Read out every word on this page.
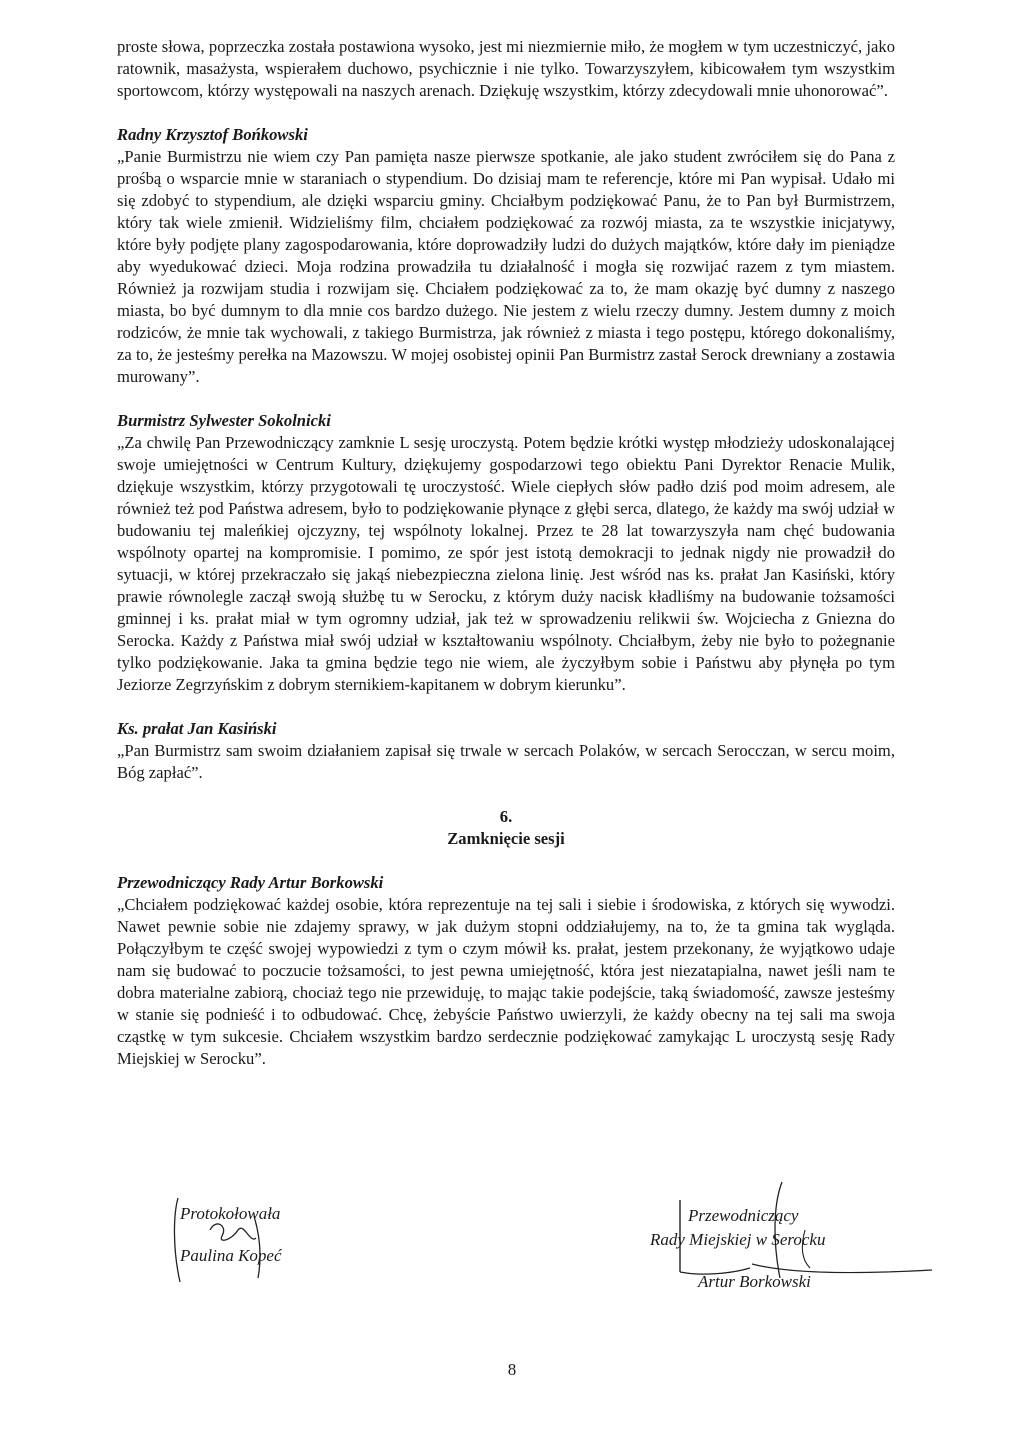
proste słowa, poprzeczka została postawiona wysoko, jest mi niezmiernie miło, że mogłem w tym uczestniczyć, jako ratownik, masażysta, wspierałem duchowo, psychicznie i nie tylko. Towarzyszyłem, kibicowałem tym wszystkim sportowcom, którzy występowali na naszych arenach. Dziękuję wszystkim, którzy zdecydowali mnie uhonorować”.

Radny Krzysztof Bońkowski

„Panie Burmistrzu nie wiem czy Pan pamięta nasze pierwsze spotkanie, ale jako student zwróciłem się do Pana z prośbą o wsparcie mnie w staraniach o stypendium. Do dzisiaj mam te referencje, które mi Pan wypisał. Udało mi się zdobyć to stypendium, ale dzięki wsparciu gminy. Chciałbym podziękować Panu, że to Pan był Burmistrzem, który tak wiele zmienił. Widzieliśmy film, chciałem podziękować za rozwój miasta, za te wszystkie inicjatywy, które były podjęte plany zagospodarowania, które doprowadziły ludzi do dużych majątków, które dały im pieniądze aby wyedukować dzieci. Moja rodzina prowadziła tu działalność i mogła się rozwijać razem z tym miastem. Również ja rozwijam studia i rozwijam się. Chciałem podziękować za to, że mam okazję być dumny z naszego miasta, bo być dumnym to dla mnie cos bardzo dużego. Nie jestem z wielu rzeczy dumny. Jestem dumny z moich rodziców, że mnie tak wychowali, z takiego Burmistrza, jak również z miasta i tego postępu, którego dokonaliśmy, za to, że jesteśmy perełka na Mazowszu. W mojej osobistej opinii Pan Burmistrz zastał Serock drewniany a zostawia murowany”.

Burmistrz Sylwester Sokolnicki

„Za chwilę Pan Przewodniczący zamknie L sesję uroczystą. Potem będzie krótki występ młodzieży udoskonalającej swoje umiejętności w Centrum Kultury, dziękujemy gospodarzowi tego obiektu Pani Dyrektor Renacie Mulik, dziękuje wszystkim, którzy przygotowali tę uroczystość. Wiele ciepłych słów padło dziś pod moim adresem, ale również też pod Państwa adresem, było to podziękowanie płynące z głębi serca, dlatego, że każdy ma swój udział w budowaniu tej maleńkiej ojczyzny, tej wspólnoty lokalnej. Przez te 28 lat towarzyszyła nam chęć budowania wspólnoty opartej na kompromisie. I pomimo, ze spór jest istotą demokracji to jednak nigdy nie prowadził do sytuacji, w której przekraczało się jakąś niebezpieczna zielona linię. Jest wśród nas ks. prałat Jan Kasiński, który prawie równolegle zaczął swoją służbę tu w Serocku, z którym duży nacisk kładliśmy na budowanie tożsamości gminnej i ks. prałat miał w tym ogromny udział, jak też w sprowadzeniu relikwii św. Wojciecha z Gniezna do Serocka. Każdy z Państwa miał swój udział w kształtowaniu wspólnoty. Chciałbym, żeby nie było to pożegnanie tylko podziękowanie. Jaka ta gmina będzie tego nie wiem, ale życzyłbym sobie i Państwu aby płynęła po tym Jeziorze Zegrzyńskim z dobrym sternikiem-kapitanem w dobrym kierunku”.

Ks. prałat Jan Kasiński

„Pan Burmistrz sam swoim działaniem zapisał się trwale w sercach Polaków, w sercach Serocczan, w sercu moim, Bóg zapłać”.

6.

Zamknięcie sesji

Przewodniczący Rady Artur Borkowski

„Chciałem podziękować każdej osobie, która reprezentuje na tej sali i siebie i środowiska, z których się wywodzi. Nawet pewnie sobie nie zdajemy sprawy, w jak dużym stopni oddziałujemy, na to, że ta gmina tak wygląda. Połączyłbym te część swojej wypowiedzi z tym o czym mówił ks. prałat, jestem przekonany, że wyjątkowo udaje nam się budować to poczucie tożsamości, to jest pewna umiejętność, która jest niezatapialna, nawet jeśli nam te dobra materialne zabiorą, chociaż tego nie przewiduję, to mając takie podejście, taką świadomość, zawsze jesteśmy w stanie się podnieść i to odbudować. Chcę, żebyście Państwo uwierzyli, że każdy obecny na tej sali ma swoja cząstkę w tym sukcesie. Chciałem wszystkim bardzo serdecznie podziękować zamykając L uroczystą sesję Rady Miejskiej w Serocku”.

Protokołowała
Paulina Kopeć
Przewodniczący
Rady Miejskiej w Serocku
Artur Borkowski
8
